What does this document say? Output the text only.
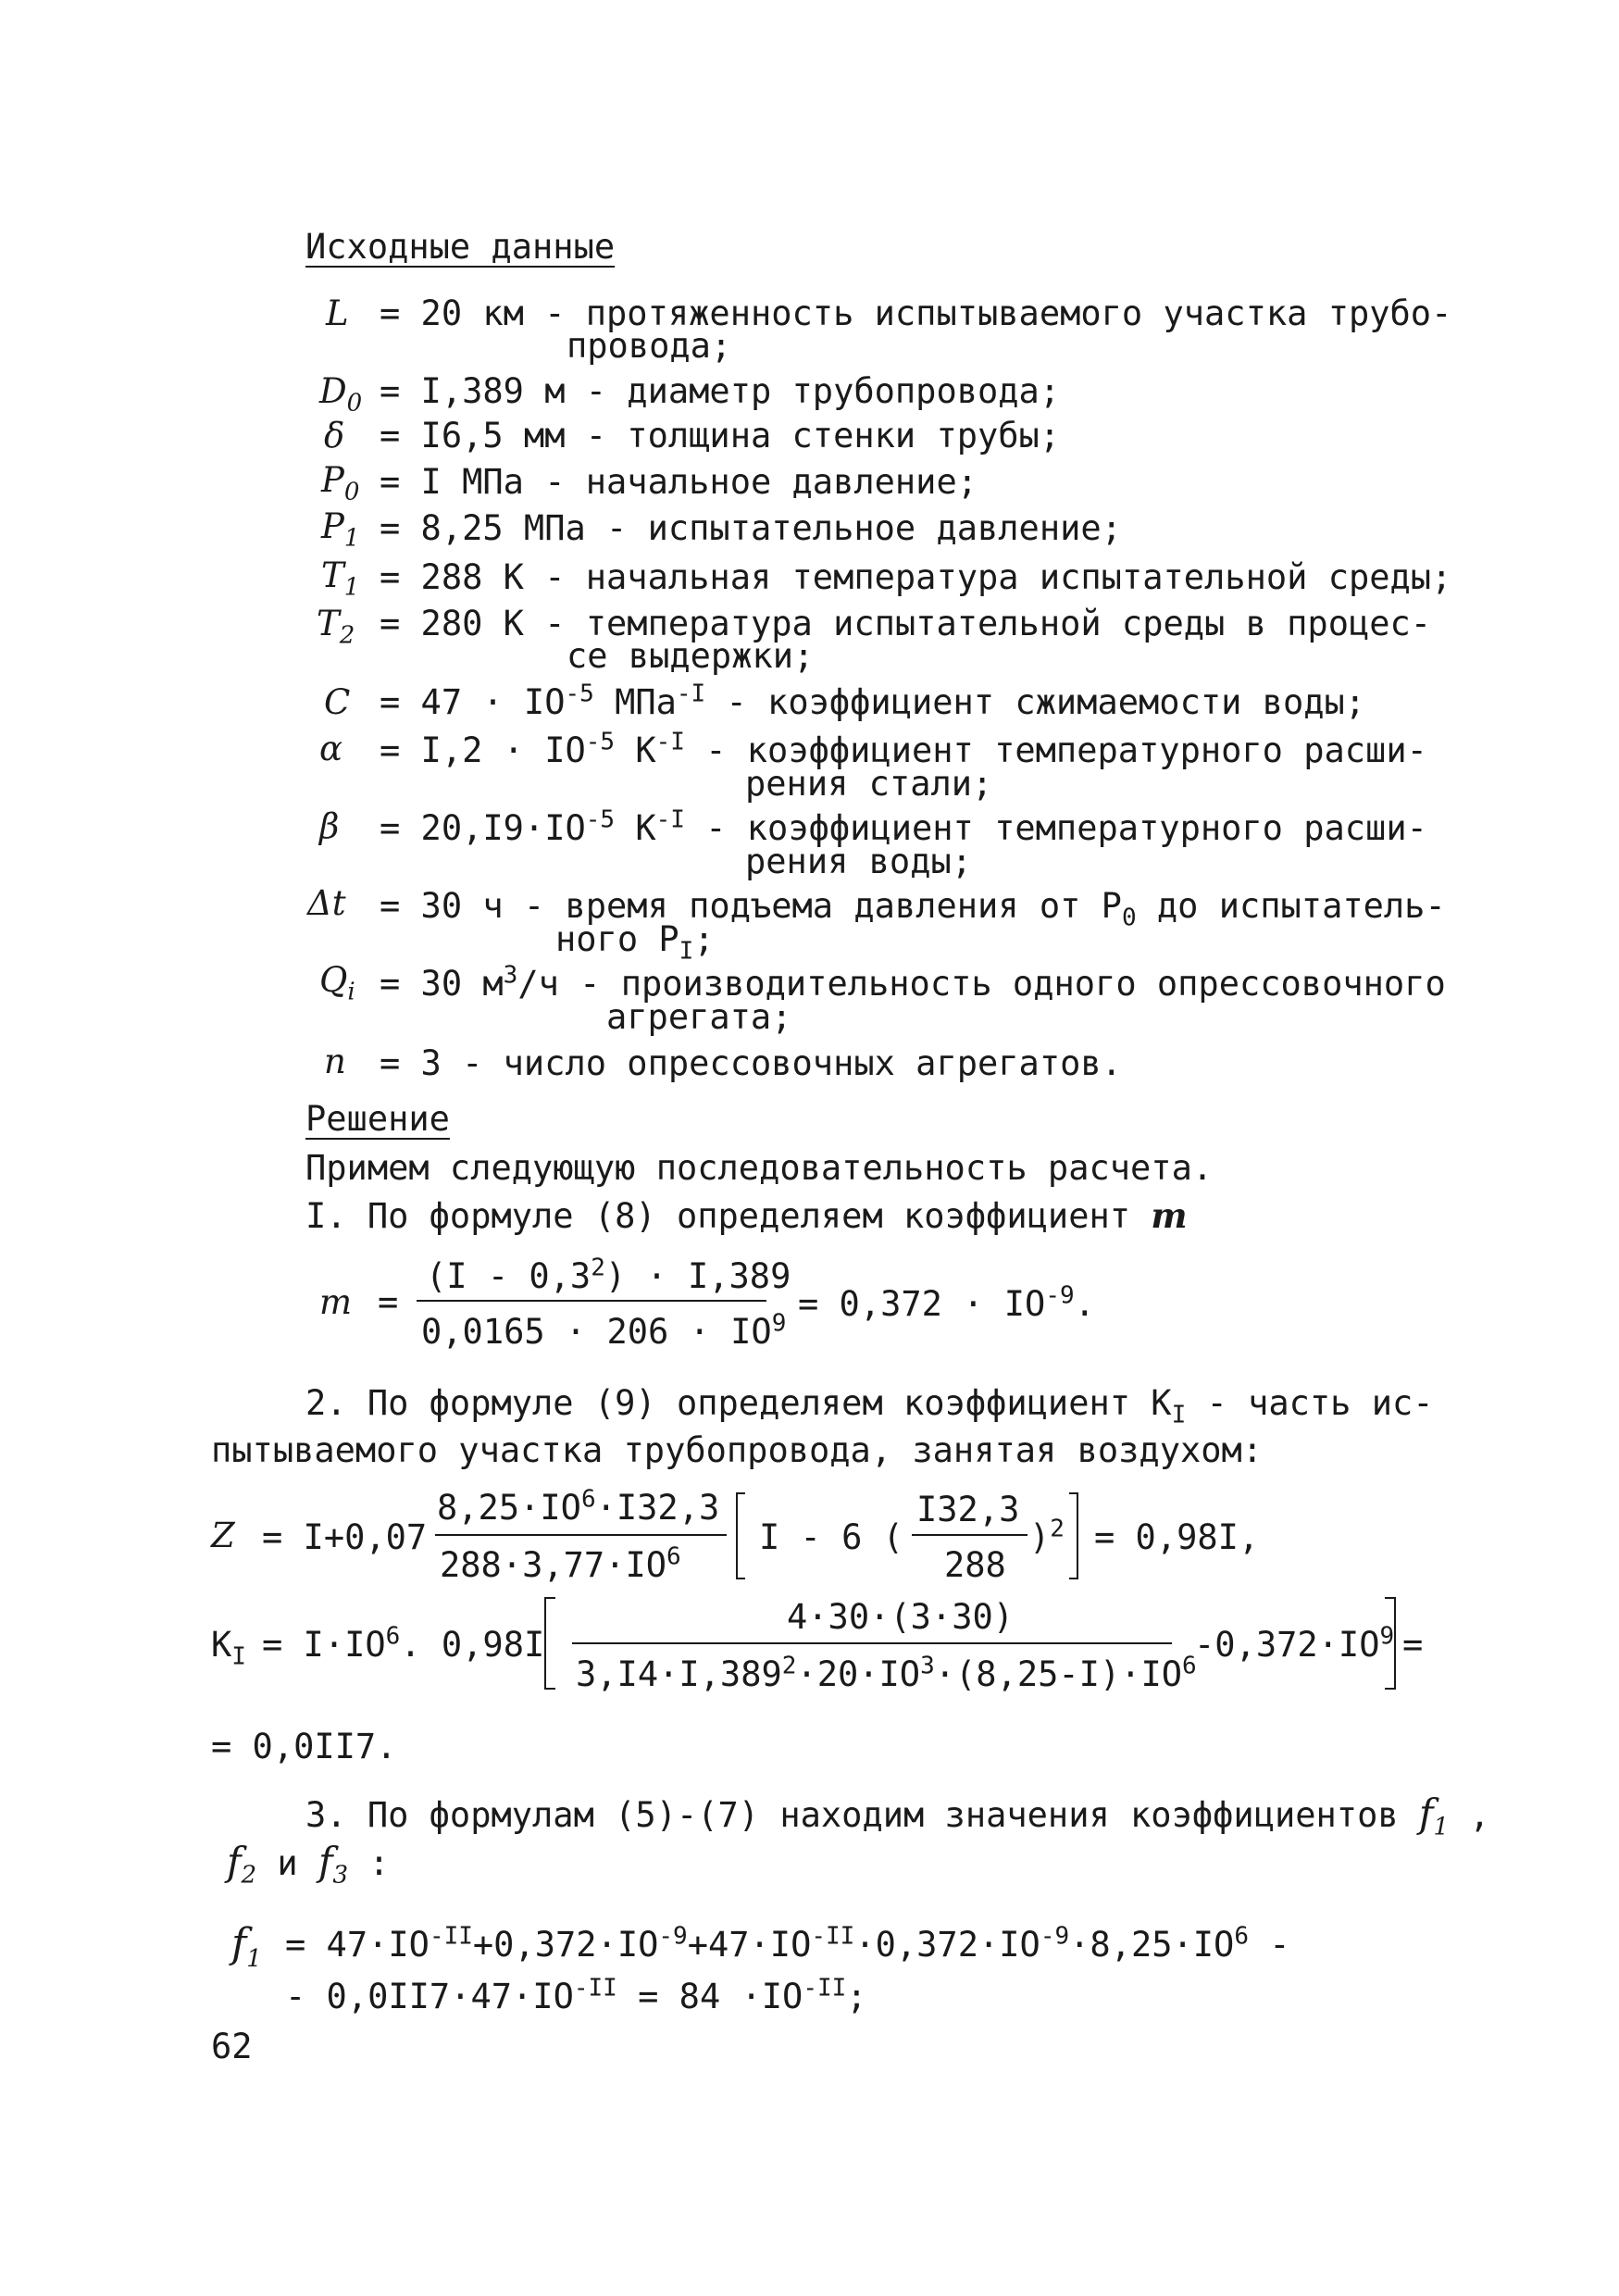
Исходные данные
L = 20 км - протяженность испытываемого участка трубо-
провода;
$D_0 = I,389$ м - диаметр трубопровода;
δ = I6,5 мм - толщина стенки трубы;
$P_0 = I$ МПа - начальное давление;
$P_1 = 8,25$ МПа - испытательное давление;
$T_1 = 288$ К - начальная температура испытательной среды;
$T_2 = 280$ К - температура испытательной среды в процес-
се выдержки;
$C = 47 \cdot IO^{-5}$ МПа$^{-I}$ - коэффициент сжимаемости воды;
$\alpha = I,2 \cdot IO^{-5}$ $К^{-I}$ - коэффициент температурного расши-
рения стали;
$\beta = 20,I9\cdot IO^{-5}$ $К^{-I}$ - коэффициент температурного расши-
рения воды;
Δt = 30 ч - время подъема давления от $Р_0$ до испытатель-
ного $Р_I$;
$Q_i = 30$ $м^3/ч$ - производительность одного опрессовочного
агрегата;
n = 3 - число опрессовочных агрегатов.
Решение
Примем следующую последовательность расчета.
I. По формуле (8) определяем коэффициент m
m =
$(I - 0,3^2) \cdot I,389$
$0,0165 \cdot 206 \cdot IO^9 = 0,372 \cdot IO^{-9}$.
2. По формуле (9) определяем коэффициент $К_I$ - часть ис-
пытываемого участка трубопровода, занятая воздухом:
Z = I+0,07
$8,25\cdot IO^6\cdot I32,3$
$288\cdot 3,77\cdot IO^6$ I - 6 (
I32,3
288
)$^2$ = 0,98I,
$К_I = I\cdot IO^6$. 0,98I
4·30·(3·30)
$3,I4\cdot I,389^2\cdot 20\cdot IO^3\cdot(8,25-I)\cdot IO^6$
$-0,372\cdot IO^9$ =
= 0,0II7.
3. По формулам (5)-(7) находим значения коэффициентов $f_1$ ,
$f_2$ и $f_3$ :
$f_1 = 47\cdot IO^{-II}+0,372\cdot IO^{-9}+47\cdot IO^{-II}\cdot 0,372\cdot IO^{-9}\cdot 8,25\cdot IO^6$ -
- $0,0II7\cdot 47\cdot IO^{-II} = 84 \cdot IO^{-II}$;
62
